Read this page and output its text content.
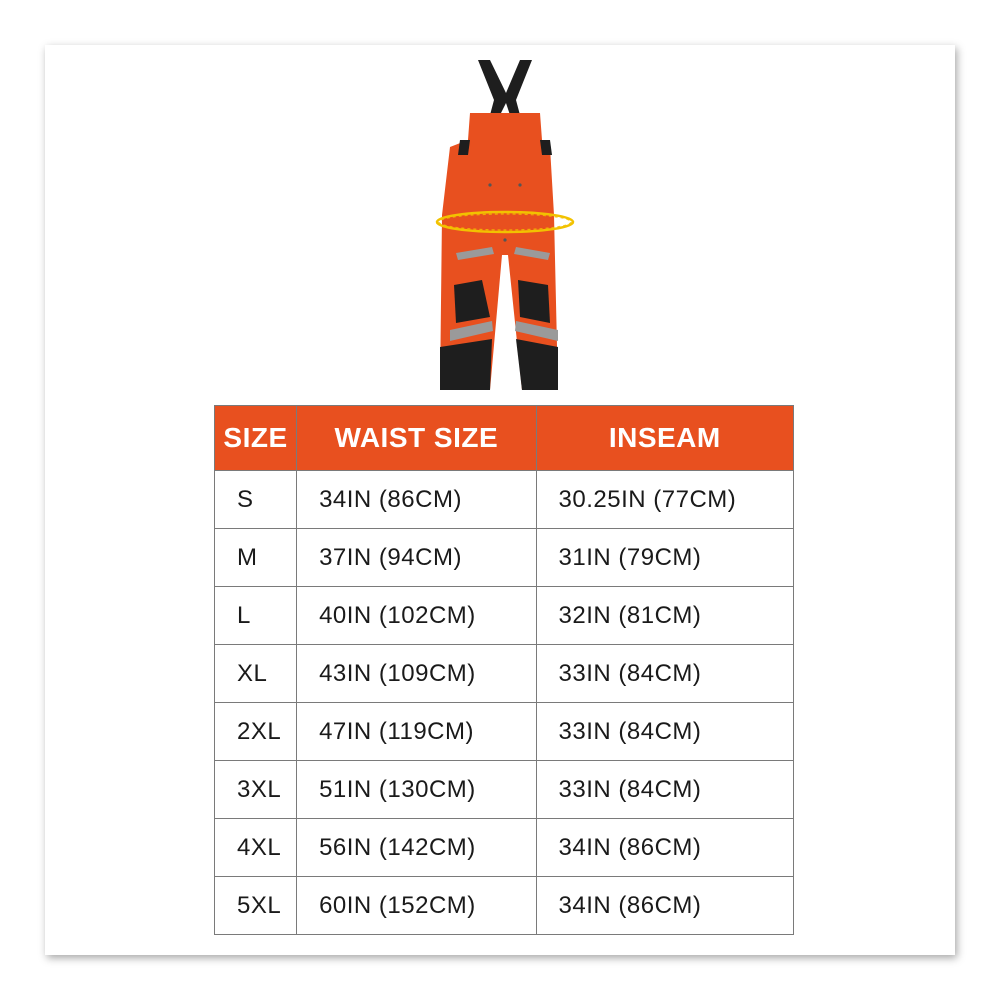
SIZE	WAIST SIZE	INSEAM
S	34IN (86CM)	30.25IN (77CM)
M	37IN (94CM)	31IN (79CM)
L	40IN (102CM)	32IN (81CM)
XL	43IN (109CM)	33IN (84CM)
2XL	47IN (119CM)	33IN (84CM)
3XL	51IN (130CM)	33IN (84CM)
4XL	56IN (142CM)	34IN (86CM)
5XL	60IN (152CM)	34IN (86CM)
